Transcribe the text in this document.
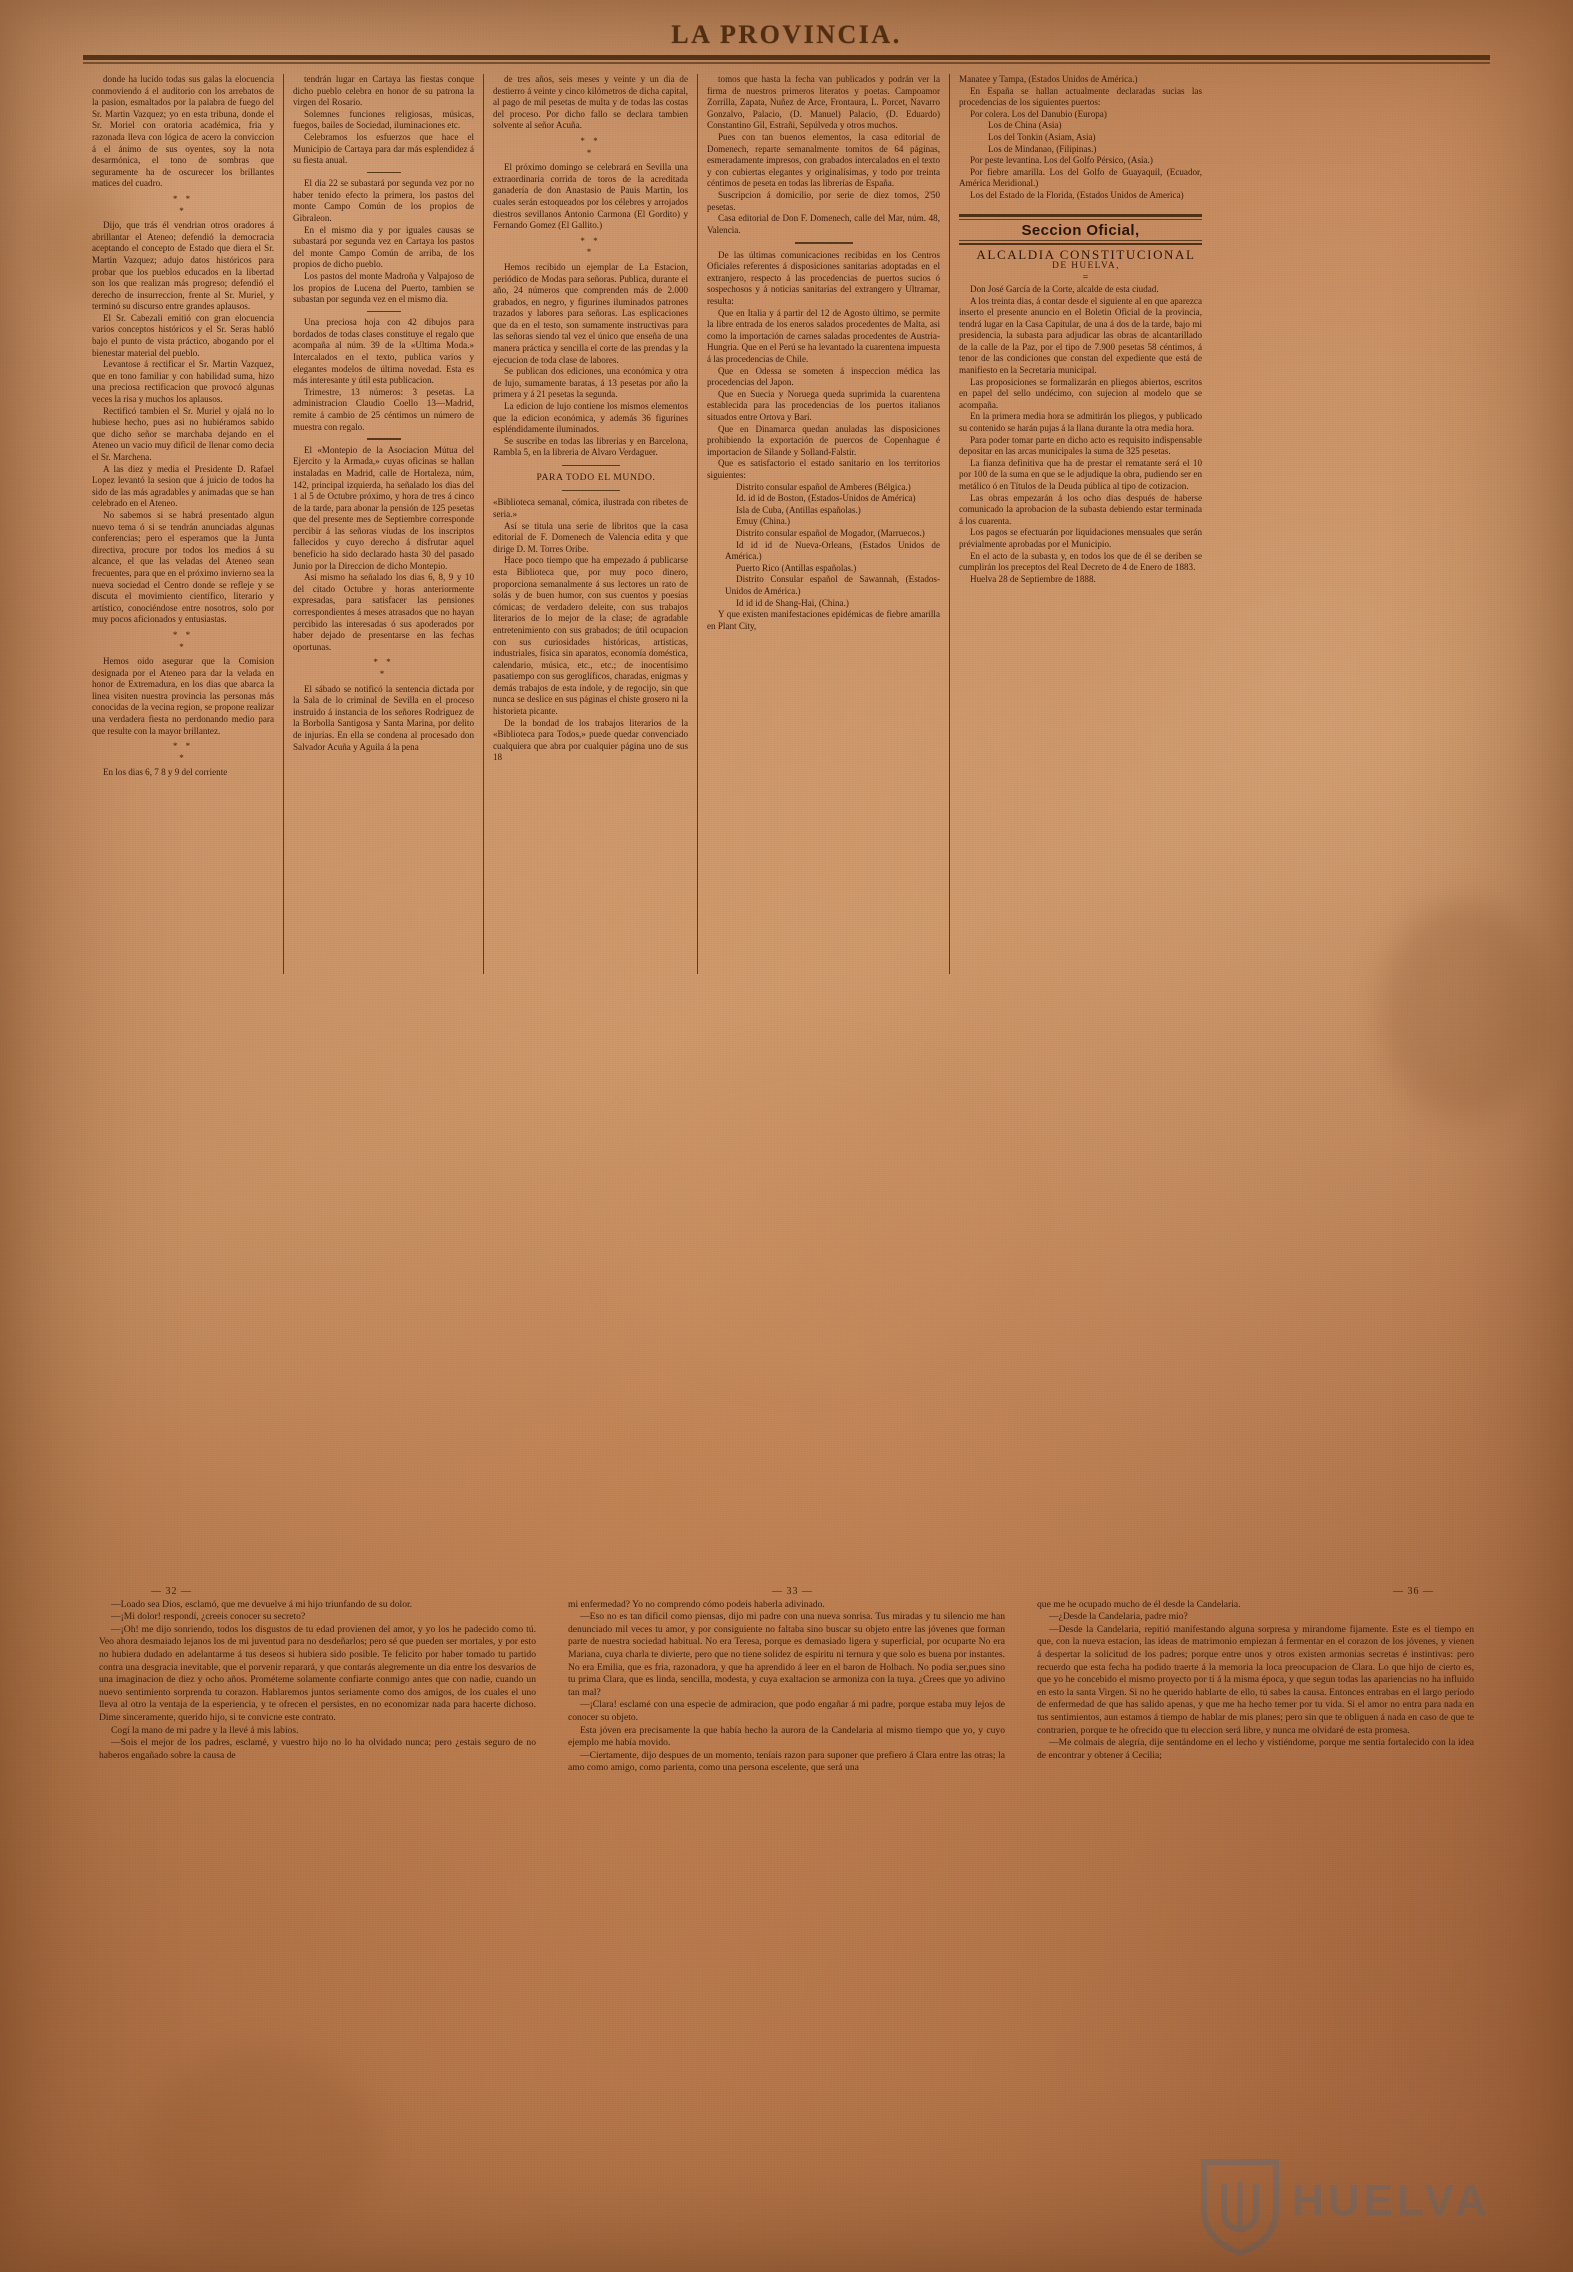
LA PROVINCIA.

donde ha lucido todas sus galas la elocuencia conmoviendo á el auditorio con los arrebatos de la pasion, esmaltados por la palabra de fuego del Sr. Martin Vazquez; yo en esta tribuna, donde el Sr. Moriel con oratoria académica, fria y razonada lleva con lógica de acero la conviccion á el ánimo de sus oyentes, soy la nota desarmónica, el tono de sombras que seguramente ha de oscurecer los brillantes matices del cuadro.

* *
*

Dijo, que trás él vendrian otros oradores á abrillantar el Ateneo; defendió la democracia aceptando el concepto de Estado que diera el Sr. Martin Vazquez; adujo datos históricos para probar que los pueblos educados en la libertad son los que realizan más progreso; defendió el derecho de insurreccion, frente al Sr. Muriel, y terminó su discurso entre grandes aplausos.

El Sr. Cabezali emitió con gran elocuencia varios conceptos históricos y el Sr. Seras habló bajo el punto de vista práctico, abogando por el bienestar material del pueblo.

Levantose á rectificar el Sr. Martin Vazquez, que en tono familiar y con habilidad suma, hizo una preciosa rectificacion que provocó algunas veces la risa y muchos los aplausos.

Rectificó tambien el Sr. Muriel y ojalá no lo hubiese hecho, pues asi no hubiéramos sabido que dicho señor se marchaba dejando en el Ateneo un vacio muy dificil de llenar como decia el Sr. Marchena.

A las diez y media el Presidente D. Rafael Lopez levantó la sesion que á juicio de todos ha sido de las más agradables y animadas que se han celebrado en el Ateneo.

No sabemos si se habrá presentado algun nuevo tema ó si se tendrán anunciadas algunas conferencias; pero el esperamos que la Junta directiva, procure por todos los medios á su alcance, el que las veladas del Ateneo sean frecuentes, para que en el próximo invierno sea la nueva sociedad el Centro donde se refleje y se discuta el movimiento científico, literario y artístico, conociéndose entre nosotros, solo por muy pocos aficionados y entusiastas.

* *
*

Hemos oido asegurar que la Comision designada por el Ateneo para dar la velada en honor de Extremadura, en los dias que abarca la linea visiten nuestra provincia las personas más conocidas de la vecina region, se propone realizar una verdadera fiesta no perdonando medio para que resulte con la mayor brillantez.

* *
*

En los dias 6, 7 8 y 9 del corriente

tendrán lugar en Cartaya las fiestas conque dicho pueblo celebra en honor de su patrona la virgen del Rosario.

Solemnes funciones religiosas, músicas, fuegos, bailes de Sociedad, iluminaciones etc.

Celebramos los esfuerzos que hace el Municipio de Cartaya para dar más esplendidez á su fiesta anual.

El dia 22 se subastará por segunda vez por no haber tenido efecto la primera, los pastos del monte Campo Común de los propios de Gibraleon.

En el mismo dia y por iguales causas se subastará por segunda vez en Cartaya los pastos del monte Campo Común de arriba, de los propios de dicho pueblo.

Los pastos del monte Madroña y Valpajoso de los propios de Lucena del Puerto, tambien se subastan por segunda vez en el mismo dia.

Una preciosa hoja con 42 dibujos para bordados de todas clases constituye el regalo que acompaña al núm. 39 de la «Ultima Moda.» Intercalados en el texto, publica varios y elegantes modelos de última novedad. Esta es más interesante y útil esta publicacion.

Trimestre, 13 números: 3 pesetas. La administracion Claudio Coello 13—Madrid, remite á cambio de 25 céntimos un número de muestra con regalo.

El «Montepio de la Asociacion Mútua del Ejercito y la Armada,» cuyas oficinas se hallan instaladas en Madrid, calle de Hortaleza, núm, 142, principal izquierda, ha señalado los dias del 1 al 5 de Octubre próximo, y hora de tres á cinco de la tarde, para abonar la pensión de 125 pesetas que del presente mes de Septiembre corresponde percibir á las señoras viudas de los inscriptos fallecidos y cuyo derecho á disfrutar aquel beneficio ha sido declarado hasta 30 del pasado Junio por la Direccion de dicho Montepio.

Así mismo ha señalado los dias 6, 8, 9 y 10 del citado Octubre y horas anteriormente expresadas, para satisfacer las pensiones correspondientes á meses atrasados que no hayan percibido las interesadas ó sus apoderados por haber dejado de presentarse en las fechas oportunas.

* *
*

El sábado se notificó la sentencia dictada por la Sala de lo criminal de Sevilla en el proceso instruido á instancia de los señores Rodriguez de la Borbolla Santigosa y Santa Marina, por delito de injurias. En ella se condena al procesado don Salvador Acuña y Aguila á la pena

de tres años, seis meses y veinte y un dia de destierro á veinte y cinco kilómetros de dicha capital, al pago de mil pesetas de multa y de todas las costas del proceso. Por dicho fallo se declara tambien solvente al señor Acuña.

* *
*

El próximo domingo se celebrará en Sevilla una extraordinaria corrida de toros de la acreditada ganadería de don Anastasio de Pauis Martin, los cuales serán estoqueados por los célebres y arrojados diestros sevillanos Antonio Carmona (El Gordito) y Fernando Gomez (El Gallito.)

* *
*

Hemos recibido un ejemplar de La Estacion, periódico de Modas para señoras. Publica, durante el año, 24 números que comprenden más de 2.000 grabados, en negro, y figurines iluminados patrones trazados y labores para señoras. Las esplicaciones que da en el testo, son sumamente instructivas para las señoras siendo tal vez el único que enseña de una manera práctica y sencilla el corte de las prendas y la ejecucion de toda clase de labores.

Se publican dos ediciones, una económica y otra de lujo, sumamente baratas, á 13 pesetas por año la primera y á 21 pesetas la segunda.

La edicion de lujo contiene los mismos elementos que la edicion económica, y además 36 figurines espléndidamente iluminados.

Se suscribe en todas las librerias y en Barcelona, Rambla 5, en la libreria de Alvaro Verdaguer.

PARA TODO EL MUNDO.

«Biblioteca semanal, cómica, ilustrada con ribetes de seria.»

Así se titula una serie de libritos que la casa editorial de F. Domenech de Valencia edita y que dirige D. M. Torres Oribe.

Hace poco tiempo que ha empezado á publicarse esta Biblioteca que, por muy poco dinero, proporciona semanalmente á sus lectores un rato de solás y de buen humor, con sus cuentos y poesías cómicas; de verdadero deleite, con sus trabajos literarios de lo mejor de la clase; de agradable entretenimiento con sus grabados; de útil ocupacion con sus curiosidades históricas, artísticas, industriales, física sin aparatos, economía doméstica, calendario, música, etc., etc.; de inocentísimo pasatiempo con sus geroglíficos, charadas, enigmas y demás trabajos de esta índole, y de regocijo, sin que nunca se deslice en sus páginas el chiste grosero ni la historieta picante.

De la bondad de los trabajos literarios de la «Biblioteca para Todos,» puede quedar convenciado cualquiera que abra por cualquier página uno de sus 18

tomos que hasta la fecha van publicados y podrán ver la firma de nuestros primeros literatos y poetas. Campoamor Zorrilla, Zapata, Nuñez de Arce, Frontaura, L. Porcet, Navarro Gonzalvo, Palacio, (D. Manuel) Palacio, (D. Eduardo) Constantino Gil, Estrañi, Sepúlveda y otros muchos.

Pues con tan buenos elementos, la casa editorial de Domenech, reparte semanalmente tomitos de 64 páginas, esmeradamente impresos, con grabados intercalados en el texto y con cubiertas elegantes y originalísimas, y todo por treinta céntimos de peseta en todas las librerías de España.

Suscripcion á domicilio, por serie de diez tomos, 2'50 pesetas.

Casa editorial de Don F. Domenech, calle del Mar, núm. 48, Valencia.

De las últimas comunicaciones recibidas en los Centros Oficiales referentes á disposiciones sanitarias adoptadas en el extranjero, respecto á las procedencias de puertos sucios ó sospechosos y á noticias sanitarias del extrangero y Ultramar, resulta:

Que en Italia y á partir del 12 de Agosto último, se permite la libre entrada de los eneros salados procedentes de Malta, asi como la importación de carnes saladas procedentes de Austria-Hungria. Que en el Perú se ha levantado la cuarentena impuesta á las procedencias de Chile.

Que en Odessa se someten á inspeccion médica las procedencias del Japon.

Que en Suecia y Noruega queda suprimida la cuarentena establecida para las procedencias de los puertos italianos situados entre Ortova y Barí.

Que en Dinamarca quedan anuladas las disposiciones prohibiendo la exportación de puercos de Copenhague é importacion de Silande y Solland-Falstir.

Que es satisfactorio el estado sanitario en los territorios siguientes:

Distrito consular español de Amberes (Bélgica.)

Id. id id de Boston, (Estados-Unidos de América)

Isla de Cuba, (Antillas españolas.)

Emuy (China.)

Distrito consular español de Mogador, (Marruecos.)

Id id id de Nueva-Orleans, (Estados Unidos de América.)

Puerto Rico (Antillas españolas.)

Distrito Consular español de Sawannah, (Estados-Unidos de América.)

Id id id de Shang-Hai, (China.)

Y que existen manifestaciones epidémicas de fiebre amarilla en Plant City,

Manatee y Tampa, (Estados Unidos de América.)

En España se hallan actualmente declaradas sucias las procedencias de los siguientes puertos:

Por colera. Los del Danubio (Europa)

Los de China (Asia)

Los del Tonkin (Asiam, Asia)

Los de Mindanao, (Filipinas.)

Por peste levantina. Los del Golfo Pérsico, (Asia.)

Por fiebre amarilla. Los del Golfo de Guayaquil, (Ecuador, América Meridional.)

Los del Estado de la Florida, (Estados Unidos de America)

Seccion Oficial,

ALCALDIA CONSTITUCIONAL

DE HUELVA,

=

Don José García de la Corte, alcalde de esta ciudad.

A los treinta dias, á contar desde el siguiente al en que aparezca inserto el presente anuncio en el Boletin Oficial de la provincia, tendrá lugar en la Casa Capitular, de una á dos de la tarde, bajo mi presidencia, la subasta para adjudicar las obras de alcantarillado de la calle de la Paz, por el tipo de 7.900 pesetas 58 céntimos, á tenor de las condiciones que constan del expediente que está de manifiesto en la Secretaria municipal.

Las proposiciones se formalizarán en pliegos abiertos, escritos en papel del sello undécimo, con sujecion al modelo que se acompaña.

En la primera media hora se admitirán los pliegos, y publicado su contenido se harán pujas á la llana durante la otra media hora.

Para poder tomar parte en dicho acto es requisito indispensable depositar en las arcas municipales la suma de 325 pesetas.

La fianza definitiva que ha de prestar el rematante será el 10 por 100 de la suma en que se le adjudique la obra, pudiendo ser en metálico ó en Títulos de la Deuda pública al tipo de cotizacion.

Las obras empezarán á los ocho dias después de haberse comunicado la aprobacion de la subasta debiendo estar terminada á los cuarenta.

Los pagos se efectuarán por liquidaciones mensuales que serán prévialmente aprobadas por el Municipio.

En el acto de la subasta y, en todos los que de él se deriben se cumplirán los preceptos del Real Decreto de 4 de Enero de 1883.

Huelva 28 de Septiembre de 1888.

— 32 —

—Loado sea Dios, esclamó, que me devuelve á mi hijo triunfando de su dolor.

—¡Mi dolor! respondí, ¿creeis conocer su secreto?

—¡Oh! me dijo sonriendo, todos los disgustos de tu edad provienen del amor, y yo los he padecido como tú. Veo ahora desmaiado lejanos los de mi juventud para no desdeñarlos; pero sé que pueden ser mortales, y por esto no hubiera dudado en adelantarme á tus deseos si hubiera sido posible. Te felicito por haber tomado tu partido contra una desgracia inevitable, que el porvenir reparará, y que contarás alegremente un dia entre los desvarios de una imaginacion de diez y ocho años. Prométeme solamente confiarte conmigo antes que con nadie, cuando un nuevo sentimiento sorprenda tu corazon. Hablaremos juntos seriamente como dos amigos, de los cuales el uno lleva al otro la ventaja de la esperiencia, y te ofrecen el persistes, en no economizar nada para hacerte dichoso. Dime sinceramente, querido hijo, si te convicne este contrato.

Cogí la mano de mi padre y la llevé á mis labios.

—Sois el mejor de los padres, esclamé, y vuestro hijo no lo ha olvidado nunca; pero ¿estais seguro de no haberos engañado sobre la causa de

— 33 —

mi enfermedad? Yo no comprendo cómo podeis haberla adivinado.

—Eso no es tan dificil como piensas, dijo mi padre con una nueva sonrisa. Tus miradas y tu silencio me han denunciado mil veces tu amor, y por consiguiente no faltaba sino buscar su objeto entre las jóvenes que forman parte de nuestra sociedad habitual. No era Teresa, porque es demasiado ligera y superficial, por ocuparte No era Mariana, cuya charla te divierte, pero que no tiene solidez de espiritu ni ternura y que solo es buena por instantes. No era Emilia, que es fria, razonadora, y que ha aprendido á leer en el baron de Holbach. No podia ser,pues sino tu prima Clara, que es linda, sencilla, modesta, y cuya exaltacion se armoniza con la tuya. ¿Crees que yo adivino tan mal?

—¡Clara! esclamé con una especie de admiracion, que podo engañar á mi padre, porque estaba muy lejos de conocer su objeto.

Esta jóven era precisamente la que había hecho la aurora de la Candelaria al mismo tiempo que yo, y cuyo ejemplo me había movido.

—Ciertamente, dijo despues de un momento, teníais razon para suponer que prefiero á Clara entre las otras; la amo como amigo, como parienta, como una persona escelente, que será una

— 36 —

que me he ocupado mucho de él desde la Candelaria.

—¿Desde la Candelaria, padre mio?

—Desde la Candelaria, repitió manifestando alguna sorpresa y mirandome fijamente. Este es el tiempo en que, con la nueva estacion, las ideas de matrimonio empiezan á fermentar en el corazon de los jóvenes, y vienen á despertar la solicitud de los padres; porque entre unos y otros existen armonias secretas é instintivas: pero recuerdo que esta fecha ha podido traerte á la memoria la loca preocupacion de Clara. Lo que hijo de cierto es, que yo he concebido el mismo proyecto por tí á la misma época, y que segun todas las apariencias no ha influido en esto la santa Virgen. Si no he querido hablarte de ello, tú sabes la causa. Entonces entrabas en el largo período de enfermedad de que has salido apenas, y que me ha hecho temer por tu vida. Si el amor no entra para nada en tus sentimientos, aun estamos á tiempo de hablar de mis planes; pero sin que te obliguen á nada en caso de que te contrarien, porque te he ofrecido que tu eleccion será libre, y nunca me olvidaré de esta promesa.

—Me colmais de alegría, dije sentándome en el lecho y vistiéndome, porque me sentia fortalecido con la idea de encontrar y obtener á Cecilia;

HUELVA
